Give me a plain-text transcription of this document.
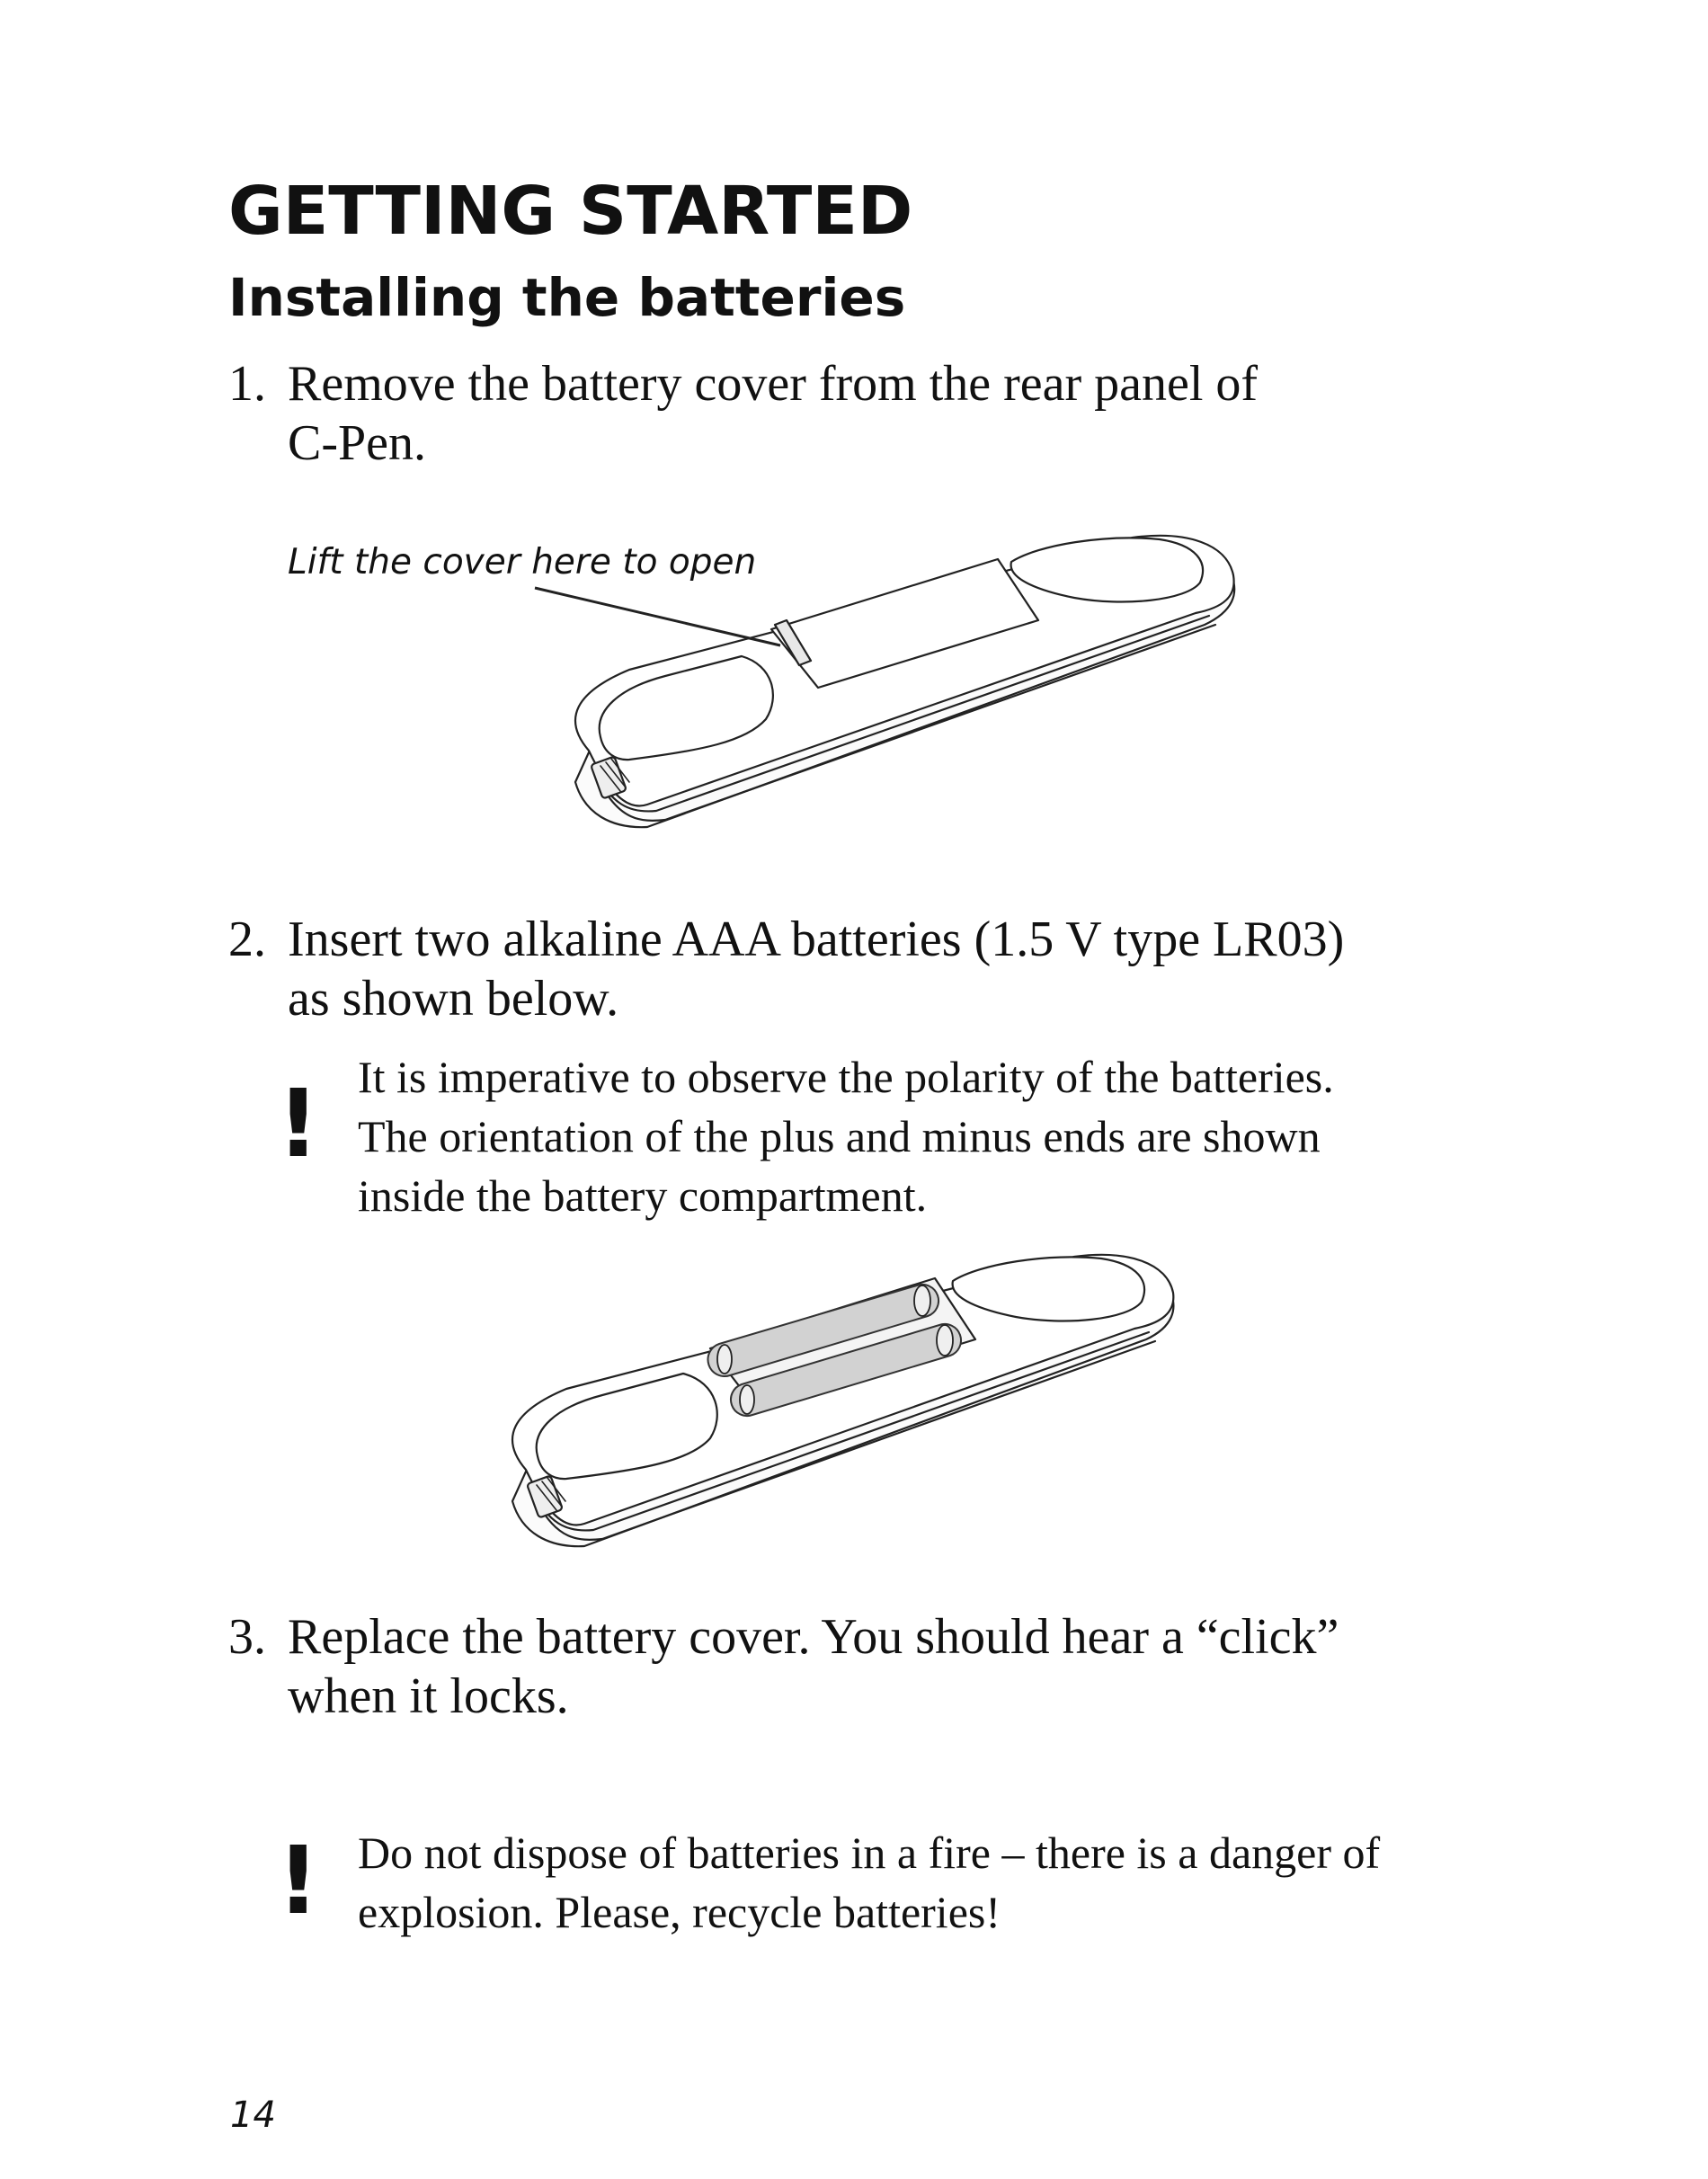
GETTING STARTED
Installing the batteries
1. Remove the battery cover from the rear panel of
C-Pen.
Lift the cover here to open
2. Insert two alkaline AAA batteries (1.5 V type LR03)
as shown below.
! It is imperative to observe the polarity of the batteries.
The orientation of the plus and minus ends are shown
inside the battery compartment.
3. Replace the battery cover. You should hear a “click”
when it locks.
! Do not dispose of batteries in a fire – there is a danger of
explosion. Please, recycle batteries!
14
